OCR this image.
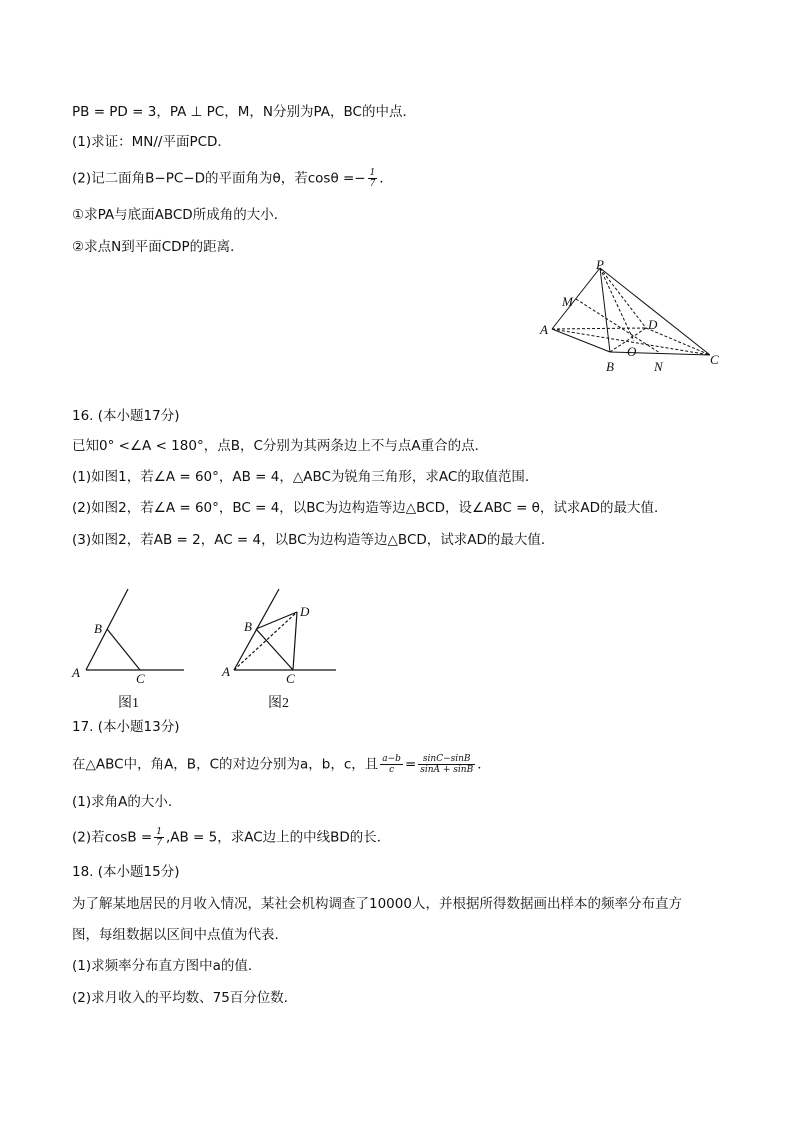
PB = PD = 3，PA ⊥ PC，M，N分别为PA，BC的中点．
(1)求证：MN//平面PCD．
(2)记二面角B−PC−D的平面角为θ，若$\cos\theta =- \frac{1}{7}$ ．
①求PA与底面ABCD所成角的大小．
②求点N到平面CDP的距离．
P
M
A	D
O
B	N	C
16. (本小题17分)
已知0° <∠A < 180°，点B，C分别为其两条边上不与点A重合的点．
(1)如图1，若∠A = 60°，AB = 4，△ABC为锐角三角形，求AC的取值范围．
(2)如图2，若∠A = 60°，BC = 4，以BC为边构造等边△BCD，设∠ABC = θ，试求AD的最大值．
(3)如图2，若AB = 2，AC = 4，以BC为边构造等边△BCD，试求AD的最大值．
A
B
C
图1
A
B
D
C
图2
17. (本小题13分)
在△ABC中，角A，B，C的对边分别为a，b，c，且 $\frac{a-b}{c} = \frac{\sin C-\sin B}{\sin A + \sin B}$ ．
(1)求角A的大小．
(2)若$\cos B = \frac{1}{7} ,AB = 5$，求AC边上的中线BD的长．
18. (本小题15分)
为了解某地居民的月收入情况，某社会机构调查了10000人，并根据所得数据画出样本的频率分布直方
图，每组数据以区间中点值为代表．
(1)求频率分布直方图中a的值．
(2)求月收入的平均数、75百分位数．
